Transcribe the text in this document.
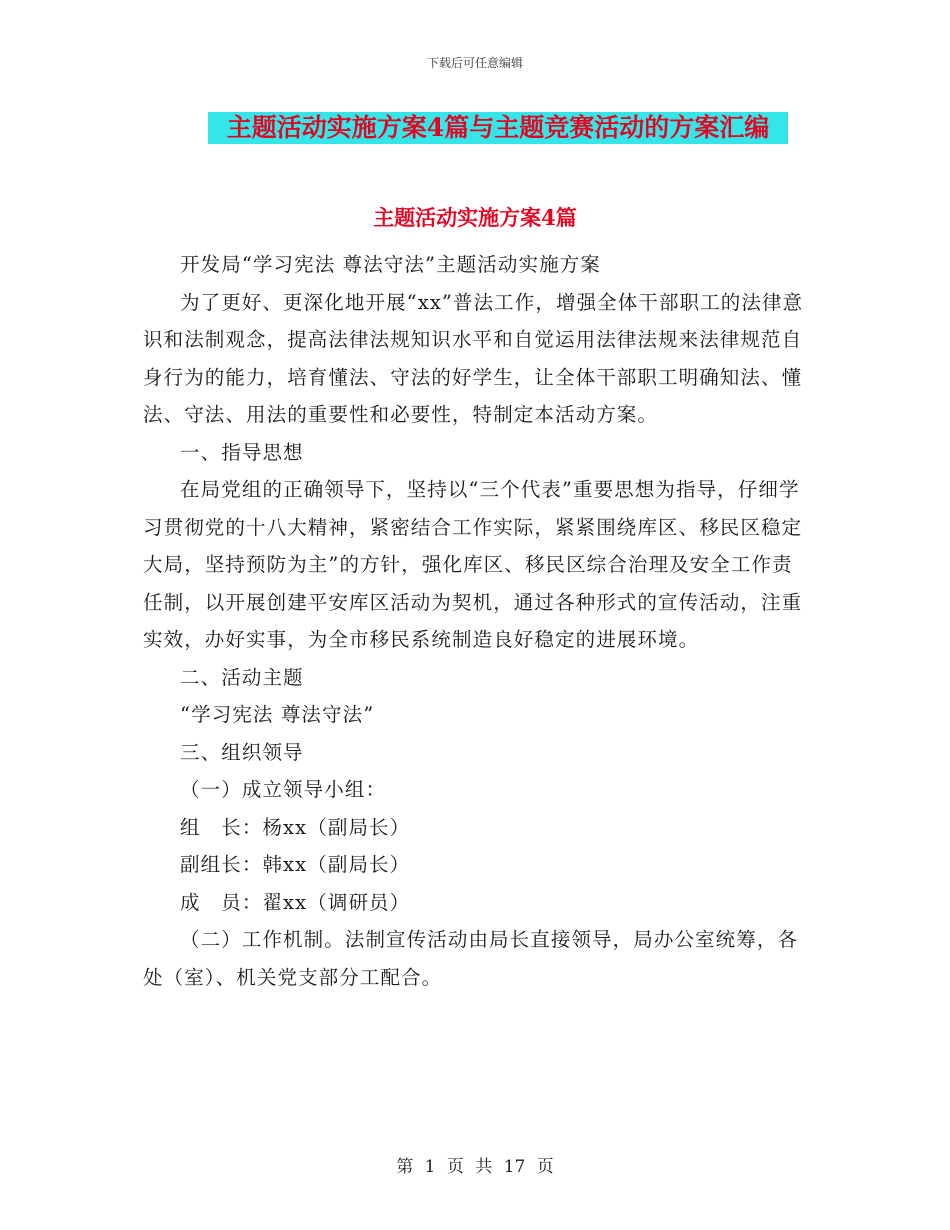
下载后可任意编辑
主题活动实施方案4篇与主题竞赛活动的方案汇编
主题活动实施方案4篇

开发局“学习宪法 尊法守法”主题活动实施方案

为了更好、更深化地开展“xx”普法工作，增强全体干部职工的法律意识和法制观念，提高法律法规知识水平和自觉运用法律法规来法律规范自身行为的能力，培育懂法、守法的好学生，让全体干部职工明确知法、懂法、守法、用法的重要性和必要性，特制定本活动方案。

一、指导思想

在局党组的正确领导下，坚持以“三个代表”重要思想为指导，仔细学习贯彻党的十八大精神，紧密结合工作实际，紧紧围绕库区、移民区稳定大局，坚持预防为主”的方针，强化库区、移民区综合治理及安全工作责任制，以开展创建平安库区活动为契机，通过各种形式的宣传活动，注重实效，办好实事，为全市移民系统制造良好稳定的进展环境。

二、活动主题

“学习宪法 尊法守法”

三、组织领导

（一）成立领导小组：

组　长：杨xx（副局长）

副组长：韩xx（副局长）

成　员：翟xx（调研员）

（二）工作机制。法制宣传活动由局长直接领导，局办公室统筹，各处（室）、机关党支部分工配合。

第 1 页 共 17 页
